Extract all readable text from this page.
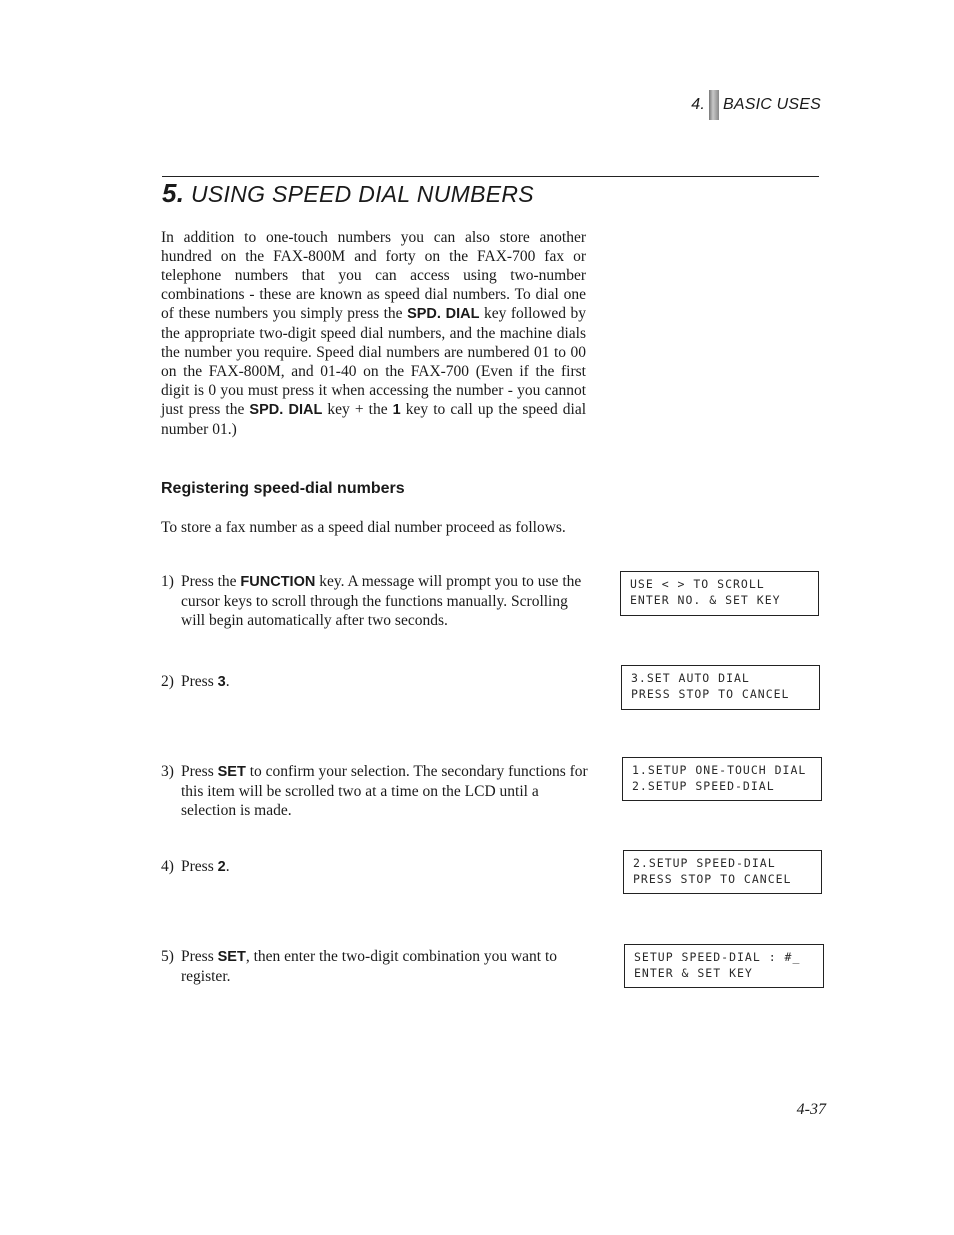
4. BASIC USES
5. USING SPEED DIAL NUMBERS

In addition to one-touch numbers you can also store another hundred on the FAX-800M and forty on the FAX-700 fax or telephone numbers that you can access using two-number combinations - these are known as speed dial numbers. To dial one of these numbers you simply press the SPD. DIAL key followed by the appropriate two-digit speed dial numbers, and the machine dials the number you require. Speed dial numbers are numbered 01 to 00 on the FAX-800M, and 01-40 on the FAX-700 (Even if the first digit is 0 you must press it when accessing the number - you cannot just press the SPD. DIAL key + the 1 key to call up the speed dial number 01.)

Registering speed-dial numbers

To store a fax number as a speed dial number proceed as follows.

1) Press the FUNCTION key. A message will prompt you to use the cursor keys to scroll through the functions manually. Scrolling will begin automatically after two seconds.
USE < > TO SCROLL
ENTER NO. & SET KEY
2) Press 3.	3.SET AUTO DIAL
PRESS STOP TO CANCEL
3) Press SET to confirm your selection. The secondary functions for this item will be scrolled two at a time on the LCD until a selection is made.
1.SETUP ONE-TOUCH DIAL
2.SETUP SPEED-DIAL
4) Press 2.	2.SETUP SPEED-DIAL
PRESS STOP TO CANCEL
5) Press SET, then enter the two-digit combination you want to register.
SETUP SPEED-DIAL : #_
ENTER & SET KEY
4-37
